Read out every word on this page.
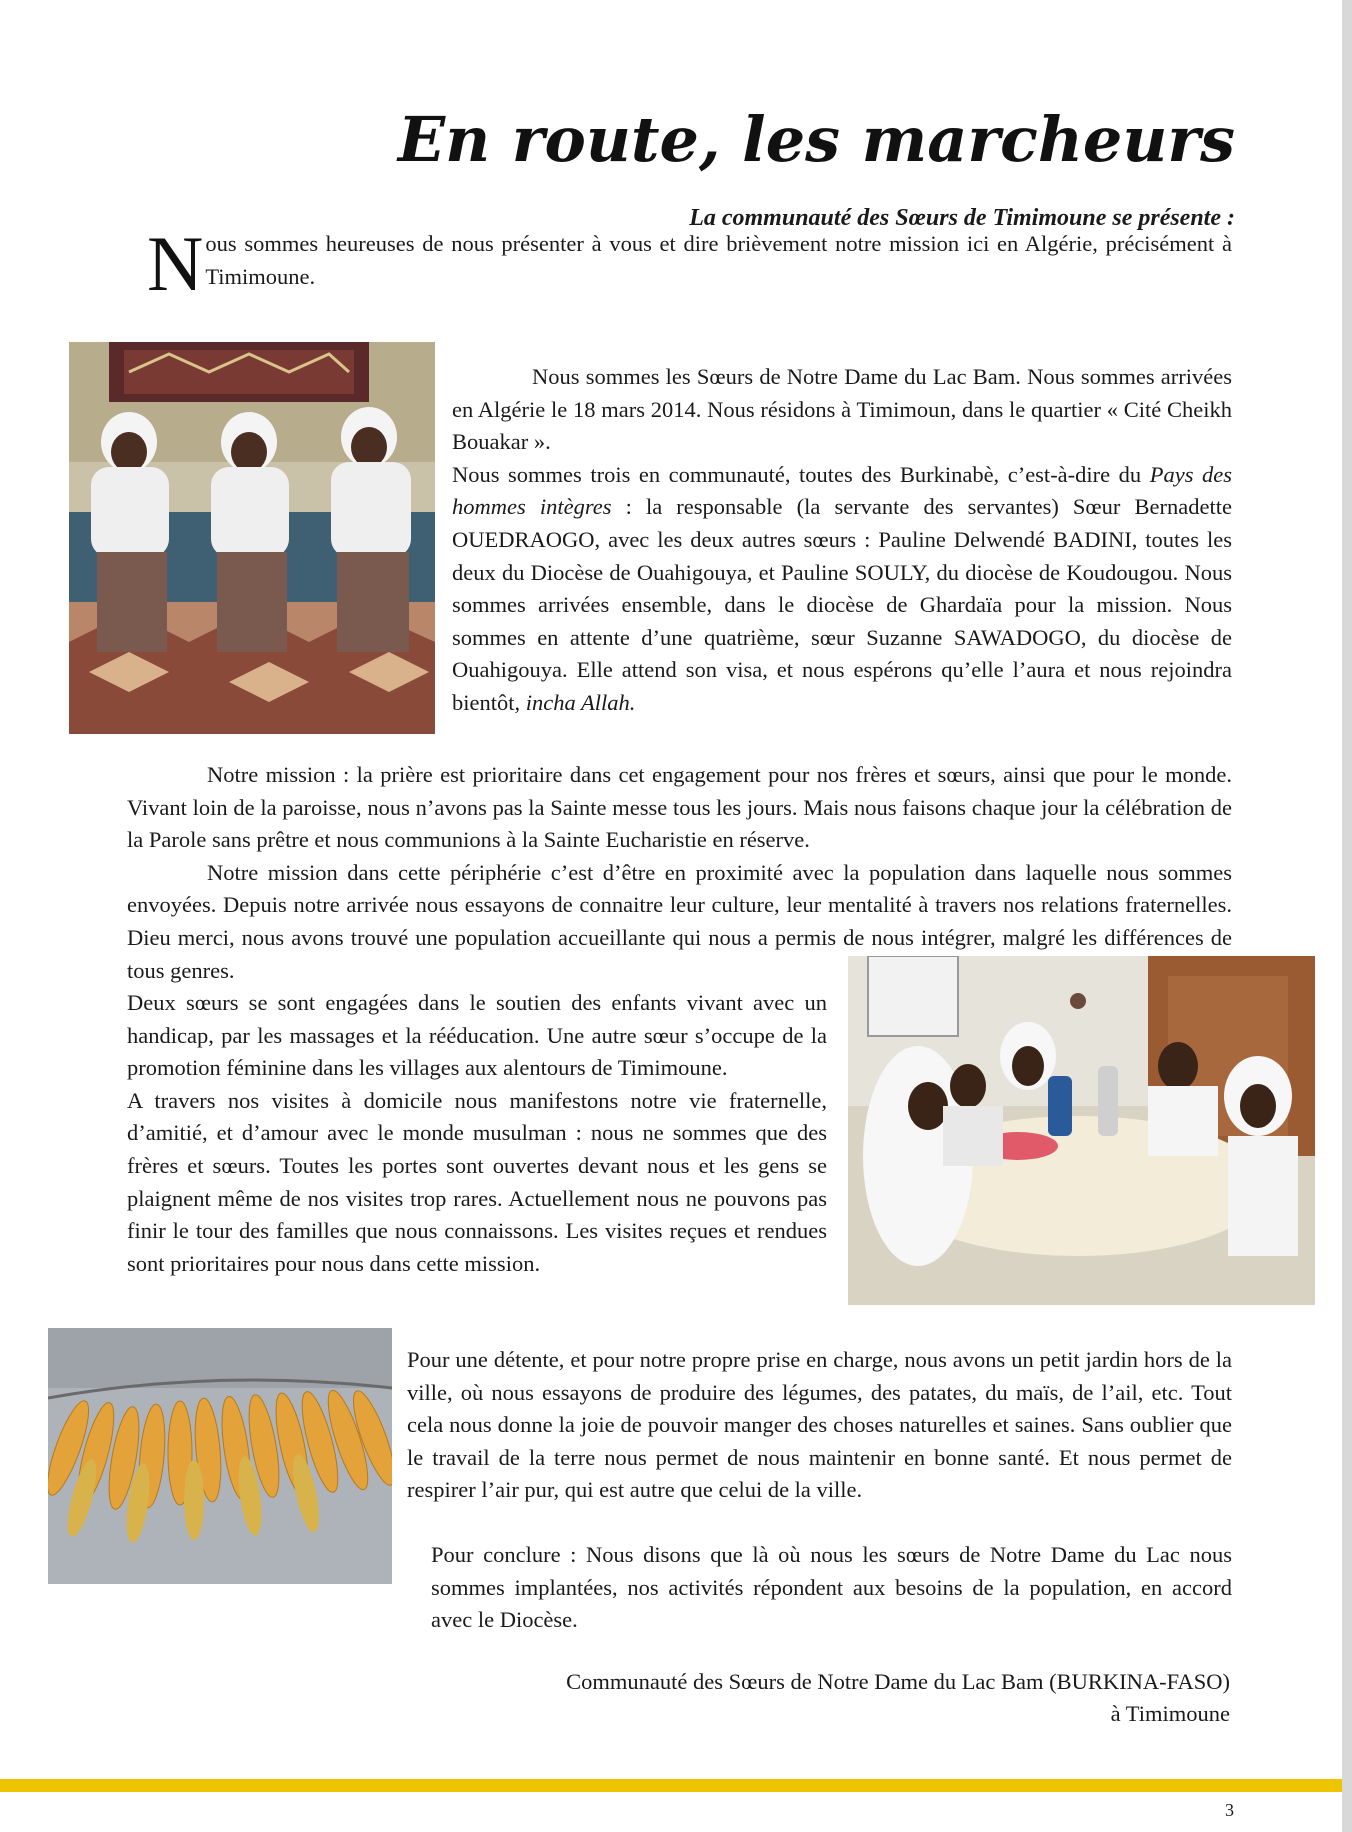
En route, les marcheurs
La communauté des Sœurs de Timimoune se présente :

Nous sommes heureuses de nous présenter à vous et dire brièvement notre mission ici en Algérie, précisément à Timimoune.

Nous sommes les Sœurs de Notre Dame du Lac Bam. Nous sommes arrivées en Algérie le 18 mars 2014. Nous résidons à Timimoun, dans le quartier « Cité Cheikh Bouakar ».

Nous sommes trois en communauté, toutes des Burkinabè, c’est-à-dire du Pays des hommes intègres : la responsable (la servante des servantes) Sœur Bernadette OUEDRAOGO, avec les deux autres sœurs : Pauline Delwendé BADINI, toutes les deux du Diocèse de Ouahigouya, et Pauline SOULY, du diocèse de Koudougou. Nous sommes arrivées ensemble, dans le diocèse de Ghardaïa pour la mission. Nous sommes en attente d’une quatrième, sœur Suzanne SAWADOGO, du diocèse de Ouahigouya. Elle attend son visa, et nous espérons qu’elle l’aura et nous rejoindra bientôt, incha Allah.

Notre mission : la prière est prioritaire dans cet engagement pour nos frères et sœurs, ainsi que pour le monde. Vivant loin de la paroisse, nous n’avons pas la Sainte messe tous les jours. Mais nous faisons chaque jour la célébration de la Parole sans prêtre et nous communions à la Sainte Eucharistie en réserve.

Notre mission dans cette périphérie c’est d’être en proximité avec la population dans laquelle nous sommes envoyées. Depuis notre arrivée nous essayons de connaitre leur culture, leur mentalité à travers nos relations fraternelles. Dieu merci, nous avons trouvé une population accueillante qui nous a permis de nous intégrer, malgré les différences de tous genres.

Deux sœurs se sont engagées dans le soutien des enfants vivant avec un handicap, par les massages et la rééducation. Une autre sœur s’occupe de la promotion féminine dans les villages aux alentours de Timimoune.

A travers nos visites à domicile nous manifestons notre vie fraternelle, d’amitié, et d’amour avec le monde musulman : nous ne sommes que des frères et sœurs. Toutes les portes sont ouvertes devant nous et les gens se plaignent même de nos visites trop rares. Actuellement nous ne pouvons pas finir le tour des familles que nous connaissons. Les visites reçues et rendues sont prioritaires pour nous dans cette mission.

Pour une détente, et pour notre propre prise en charge, nous avons un petit jardin hors de la ville, où nous essayons de produire des légumes, des patates, du maïs, de l’ail, etc. Tout cela nous donne la joie de pouvoir manger des choses naturelles et saines. Sans oublier que le travail de la terre nous permet de nous maintenir en bonne santé. Et nous permet de respirer l’air pur, qui est autre que celui de la ville.

Pour conclure : Nous disons que là où nous les sœurs de Notre Dame du Lac nous sommes implantées, nos activités répondent aux besoins de la population, en accord avec le Diocèse.

Communauté des Sœurs de Notre Dame du Lac Bam (BURKINA-FASO)
à Timimoune
3
